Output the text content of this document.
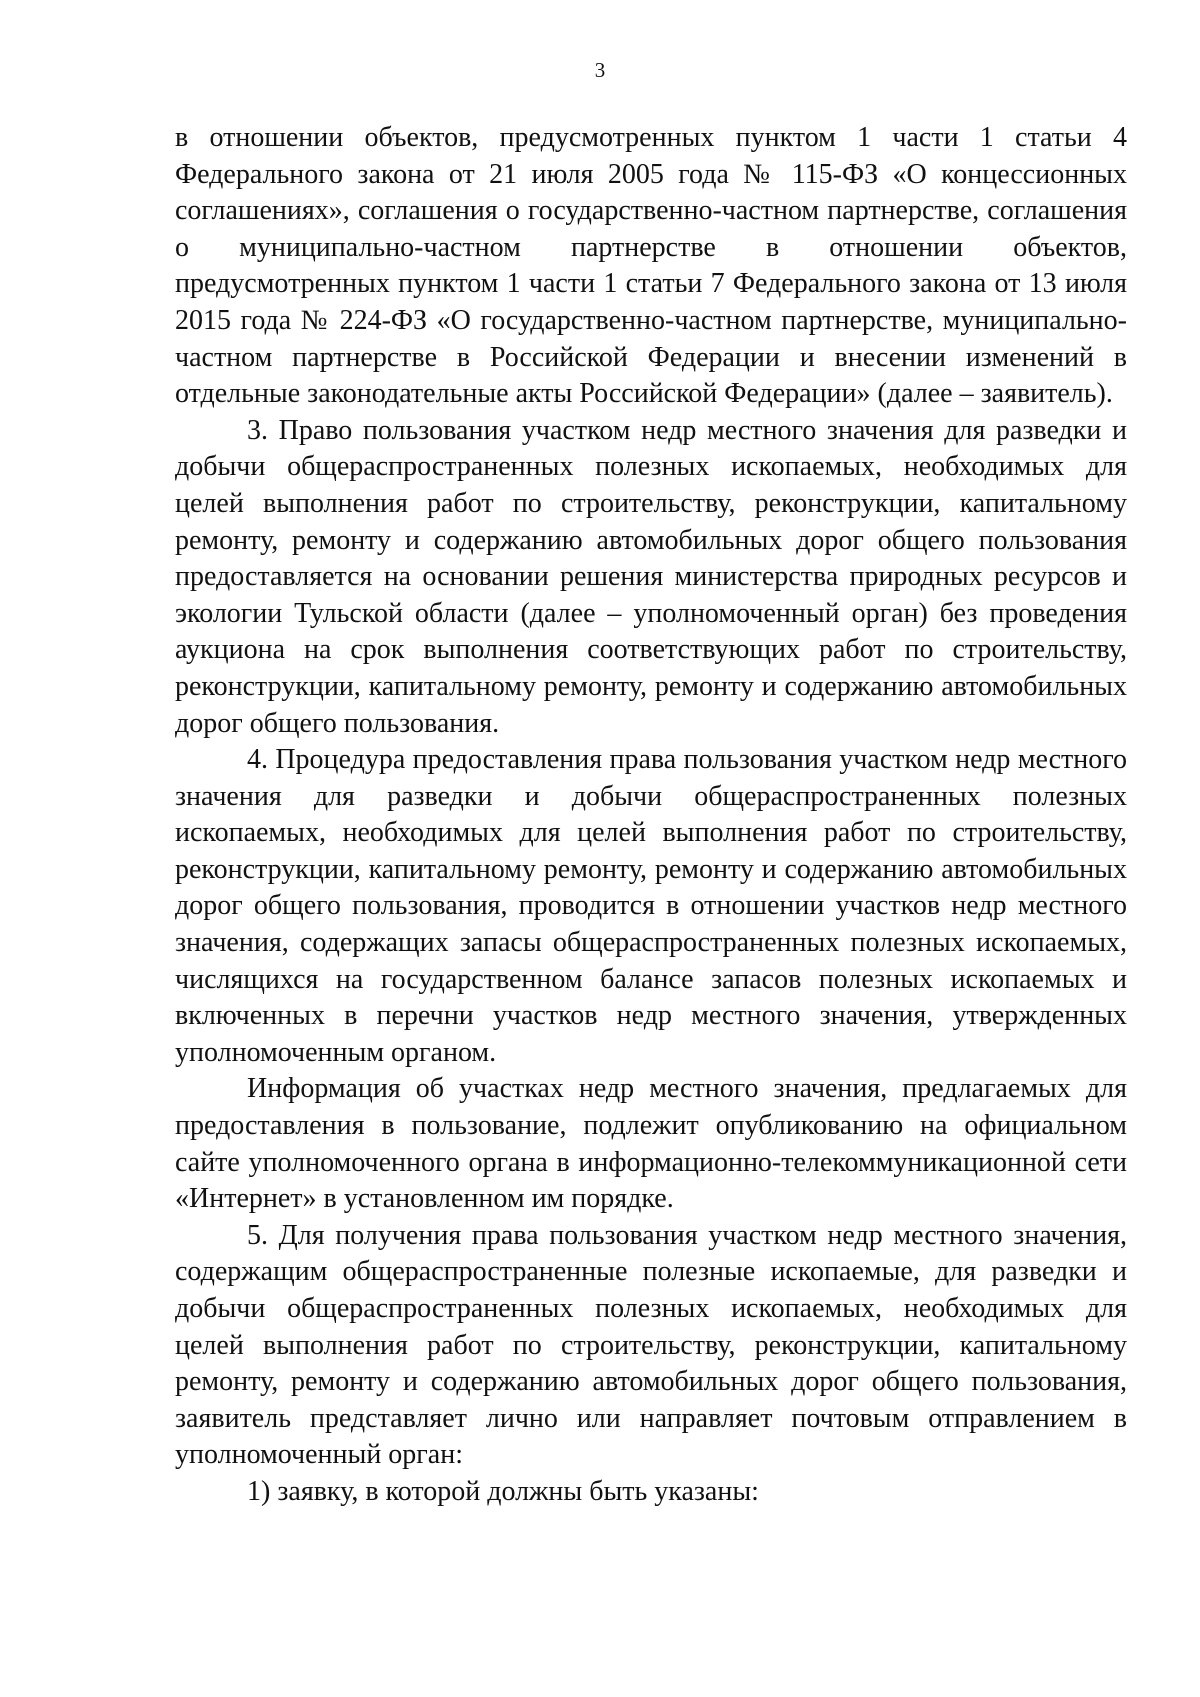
3

в отношении объектов, предусмотренных пунктом 1 части 1 статьи 4 Федерального закона от 21 июля 2005 года № 115-ФЗ «О концессионных соглашениях», соглашения о государственно-частном партнерстве, соглашения о муниципально-частном партнерстве в отношении объектов, предусмотренных пунктом 1 части 1 статьи 7 Федерального закона от 13 июля 2015 года № 224-ФЗ «О государственно-частном партнерстве, муниципально-частном партнерстве в Российской Федерации и внесении изменений в отдельные законодательные акты Российской Федерации» (далее – заявитель).

3. Право пользования участком недр местного значения для разведки и добычи общераспространенных полезных ископаемых, необходимых для целей выполнения работ по строительству, реконструкции, капитальному ремонту, ремонту и содержанию автомобильных дорог общего пользования предоставляется на основании решения министерства природных ресурсов и экологии Тульской области (далее – уполномоченный орган) без проведения аукциона на срок выполнения соответствующих работ по строительству, реконструкции, капитальному ремонту, ремонту и содержанию автомобильных дорог общего пользования.

4. Процедура предоставления права пользования участком недр местного значения для разведки и добычи общераспространенных полезных ископаемых, необходимых для целей выполнения работ по строительству, реконструкции, капитальному ремонту, ремонту и содержанию автомобильных дорог общего пользования, проводится в отношении участков недр местного значения, содержащих запасы общераспространенных полезных ископаемых, числящихся на государственном балансе запасов полезных ископаемых и включенных в перечни участков недр местного значения, утвержденных уполномоченным органом.

Информация об участках недр местного значения, предлагаемых для предоставления в пользование, подлежит опубликованию на официальном сайте уполномоченного органа в информационно-телекоммуникационной сети «Интернет» в установленном им порядке.

5. Для получения права пользования участком недр местного значения, содержащим общераспространенные полезные ископаемые, для разведки и добычи общераспространенных полезных ископаемых, необходимых для целей выполнения работ по строительству, реконструкции, капитальному ремонту, ремонту и содержанию автомобильных дорог общего пользования, заявитель представляет лично или направляет почтовым отправлением в уполномоченный орган:

1) заявку, в которой должны быть указаны:
